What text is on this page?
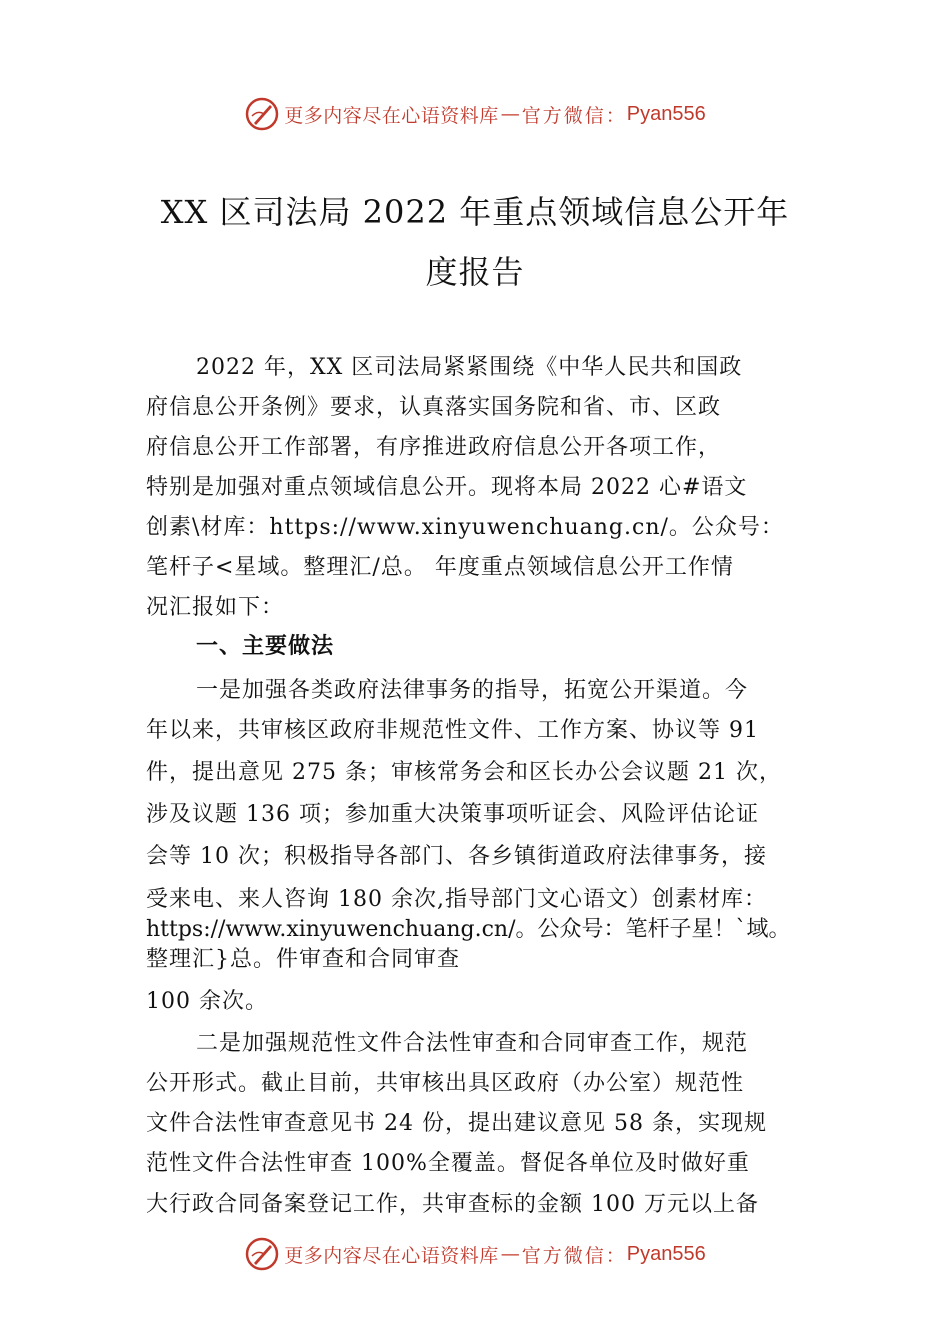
更多内容尽在心语资料库 — 官方微信： Pyan556
XX 区司法局 2022 年重点领域信息公开年
度报告
2022 年，XX 区司法局紧紧围绕《中华人民共和国政
府信息公开条例》要求，认真落实国务院和省、市、区政
府信息公开工作部署，有序推进政府信息公开各项工作，
特别是加强对重点领域信息公开。现将本局 2022 心#语文
创素\材库：https://www.xinyuwenchuang.cn/。公众号：
笔杆子<星域。整理汇/总。 年度重点领域信息公开工作情
况汇报如下：
一、主要做法
一是加强各类政府法律事务的指导，拓宽公开渠道。今
年以来，共审核区政府非规范性文件、工作方案、协议等 91
件，提出意见 275 条；审核常务会和区长办公会议题 21 次，
涉及议题 136 项；参加重大决策事项听证会、风险评估论证
会等 10 次；积极指导各部门、各乡镇街道政府法律事务，接
受来电、来人咨询 180 余次,指导部门文心语文）创素材库：
https://www.xinyuwenchuang.cn/。公众号：笔杆子星！`域。
整理汇}总。件审查和合同审查
100 余次。
二是加强规范性文件合法性审查和合同审查工作，规范
公开形式。截止目前，共审核出具区政府（办公室）规范性
文件合法性审查意见书 24 份，提出建议意见 58 条，实现规
范性文件合法性审查 100%全覆盖。督促各单位及时做好重
大行政合同备案登记工作，共审查标的金额 100 万元以上备
更多内容尽在心语资料库 — 官方微信： Pyan556
